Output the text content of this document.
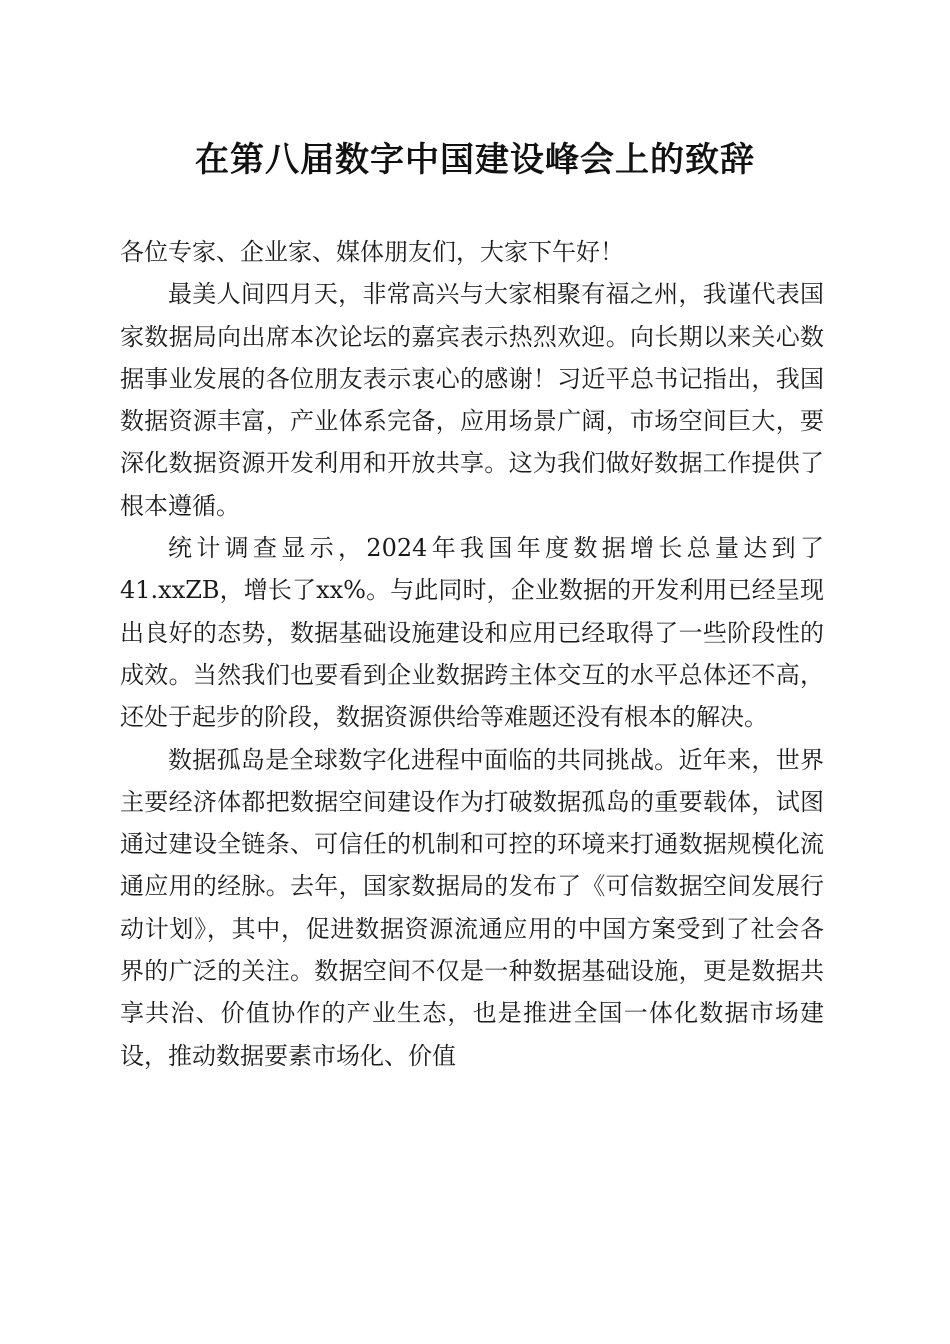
在第八届数字中国建设峰会上的致辞

各位专家、企业家、媒体朋友们，大家下午好！

最美人间四月天，非常高兴与大家相聚有福之州，我谨代表国家数据局向出席本次论坛的嘉宾表示热烈欢迎。向长期以来关心数据事业发展的各位朋友表示衷心的感谢！习近平总书记指出，我国数据资源丰富，产业体系完备，应用场景广阔，市场空间巨大，要深化数据资源开发利用和开放共享。这为我们做好数据工作提供了根本遵循。

统计调查显示，2024年我国年度数据增长总量达到了41.xxZB，增长了xx%。与此同时，企业数据的开发利用已经呈现出良好的态势，数据基础设施建设和应用已经取得了一些阶段性的成效。当然我们也要看到企业数据跨主体交互的水平总体还不高，还处于起步的阶段，数据资源供给等难题还没有根本的解决。

数据孤岛是全球数字化进程中面临的共同挑战。近年来，世界主要经济体都把数据空间建设作为打破数据孤岛的重要载体，试图通过建设全链条、可信任的机制和可控的环境来打通数据规模化流通应用的经脉。去年，国家数据局的发布了《可信数据空间发展行动计划》，其中，促进数据资源流通应用的中国方案受到了社会各界的广泛的关注。数据空间不仅是一种数据基础设施，更是数据共享共治、价值协作的产业生态，也是推进全国一体化数据市场建设，推动数据要素市场化、价值
